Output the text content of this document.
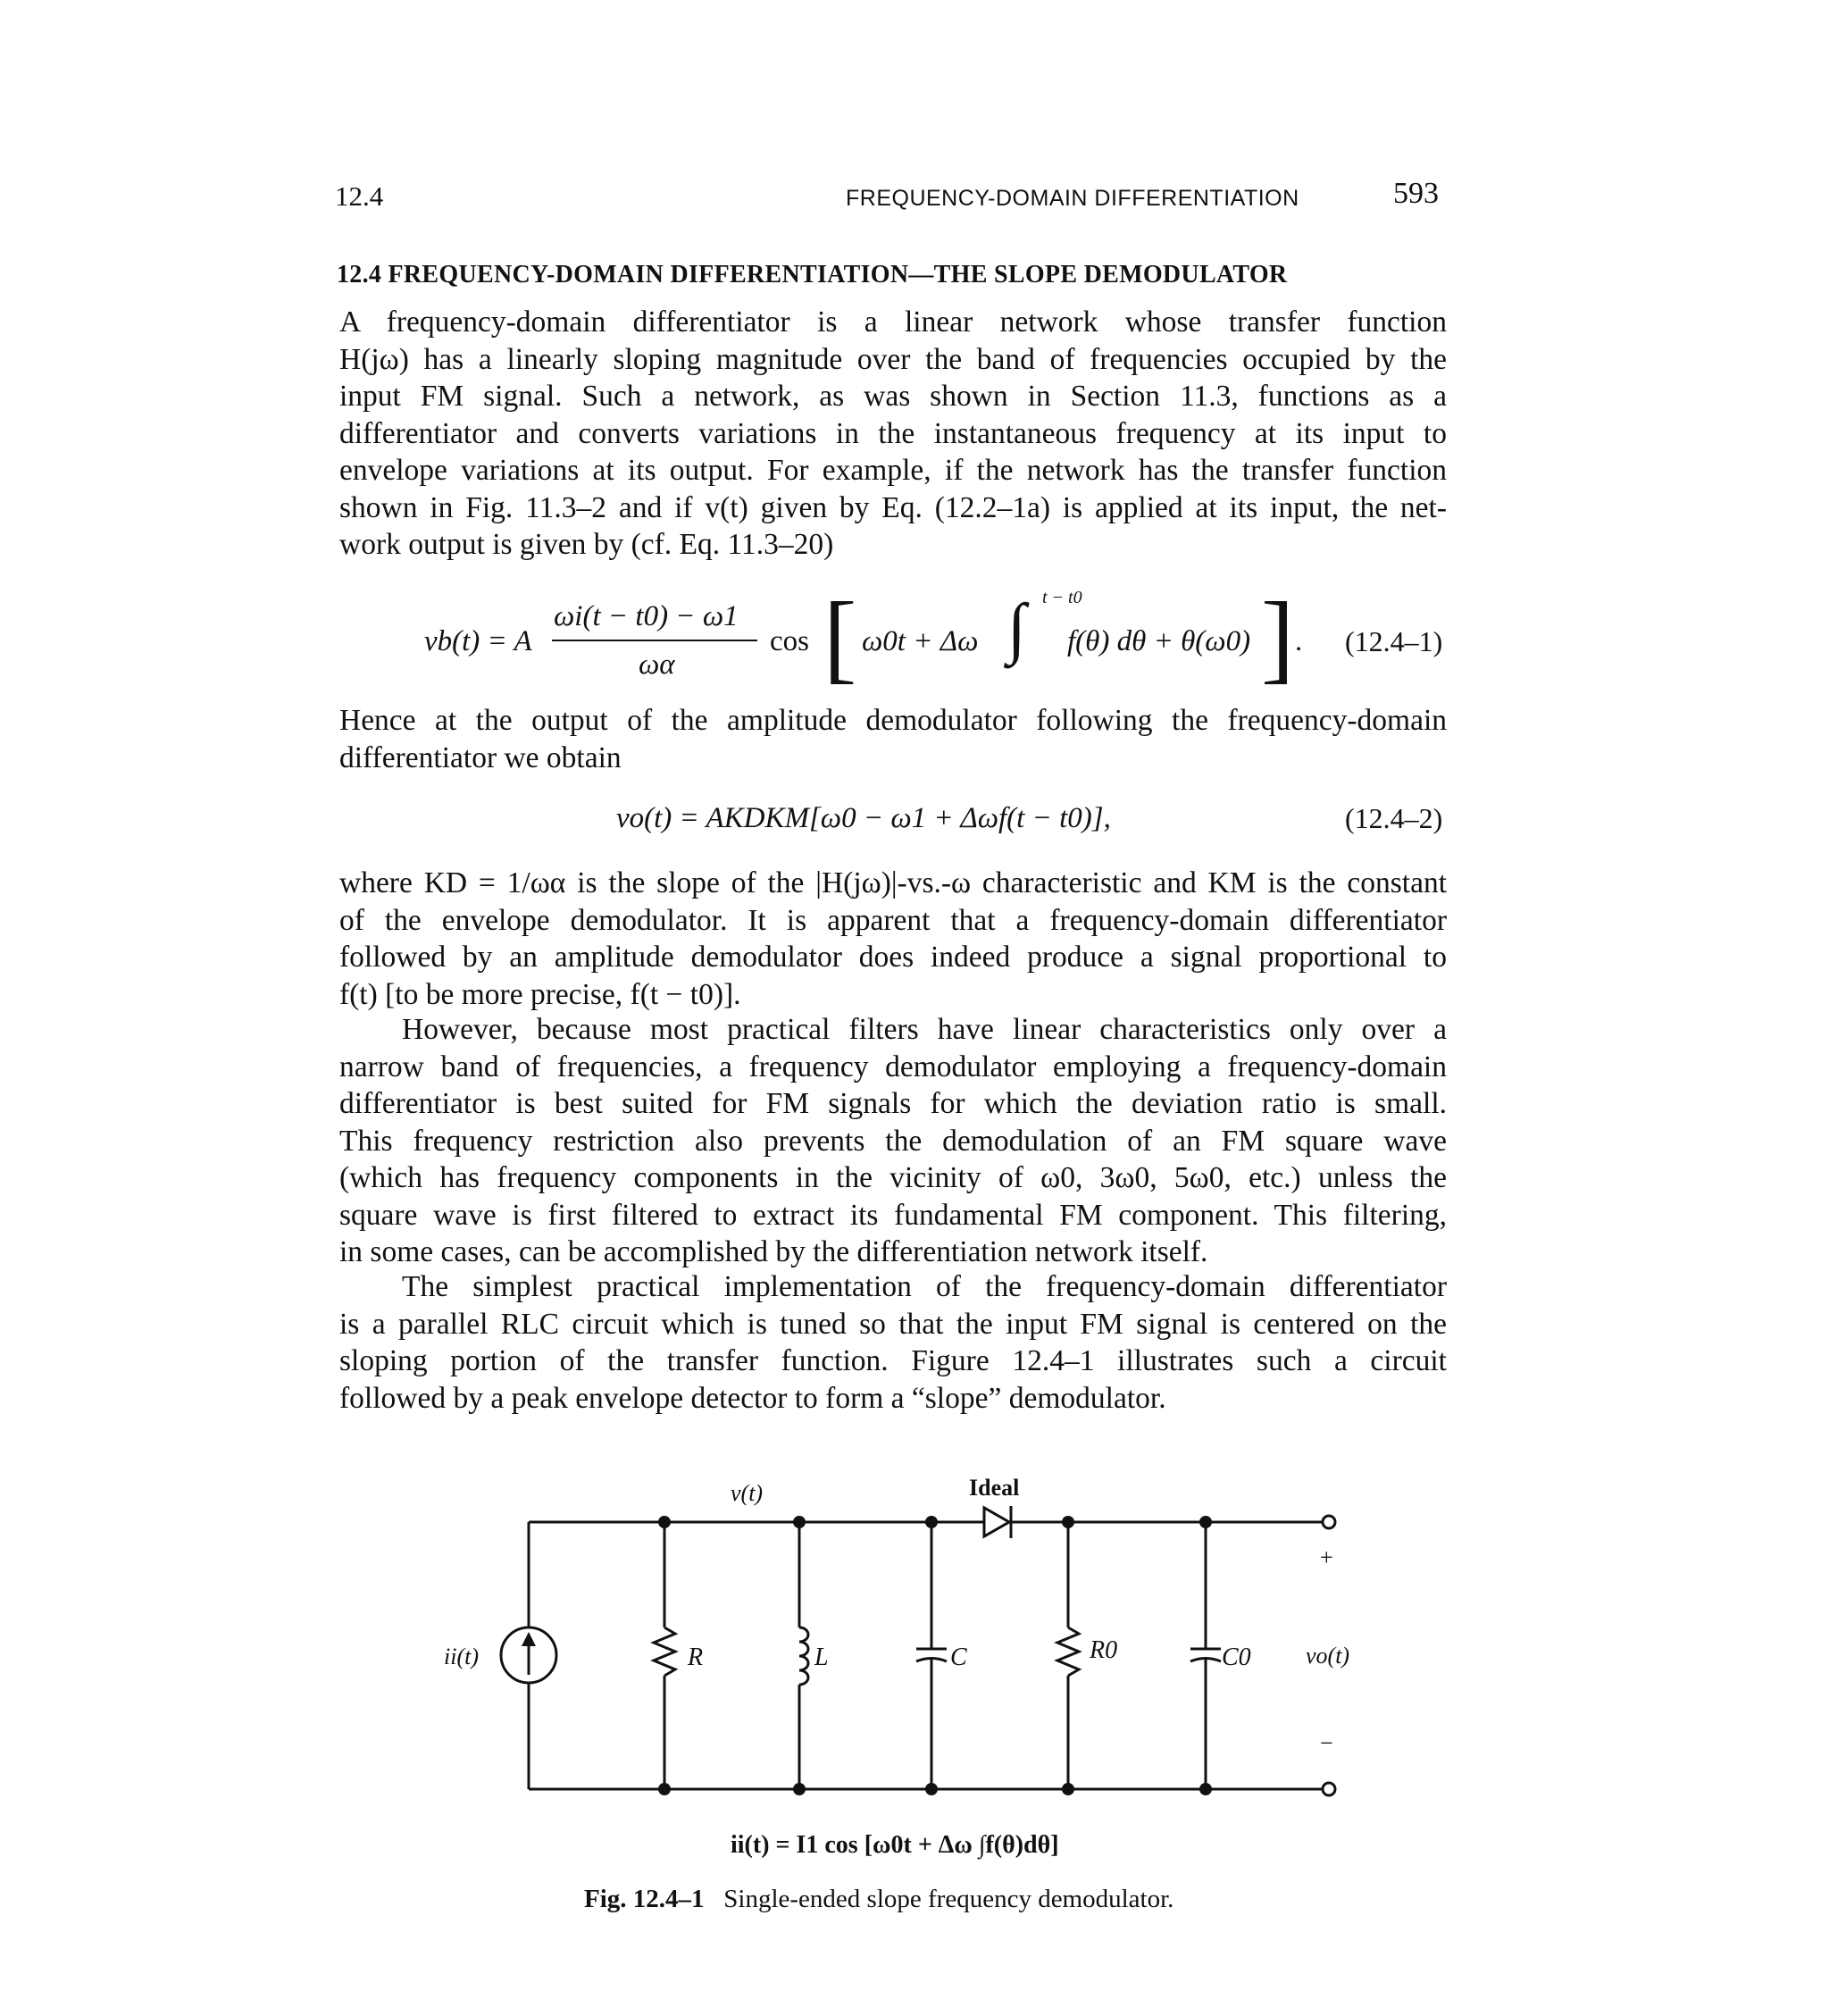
12.4	FREQUENCY-DOMAIN DIFFERENTIATION	593
12.4 FREQUENCY-DOMAIN DIFFERENTIATION—THE SLOPE DEMODULATOR
A frequency-domain differentiator is a linear network whose transfer function
H(jω) has a linearly sloping magnitude over the band of frequencies occupied by the
input FM signal. Such a network, as was shown in Section 11.3, functions as a
differentiator and converts variations in the instantaneous frequency at its input to
envelope variations at its output. For example, if the network has the transfer function
shown in Fig. 11.3–2 and if v(t) given by Eq. (12.2–1a) is applied at its input, the net-
work output is given by (cf. Eq. 11.3–20)
vb(t) = A
ωi(t − t0) − ω1
ωα
cos [ ω0t + Δω ∫ t − t0
f(θ) dθ + θ(ω0) ] . (12.4–1)
Hence at the output of the amplitude demodulator following the frequency-domain
differentiator we obtain
vo(t) = AKDKM[ω0 − ω1 + Δωf(t − t0)],	(12.4–2)
where KD = 1/ωα is the slope of the |H(jω)|-vs.-ω characteristic and KM is the constant
of the envelope demodulator. It is apparent that a frequency-domain differentiator
followed by an amplitude demodulator does indeed produce a signal proportional to
f(t) [to be more precise, f(t − t0)].
However, because most practical filters have linear characteristics only over a
narrow band of frequencies, a frequency demodulator employing a frequency-domain
differentiator is best suited for FM signals for which the deviation ratio is small.
This frequency restriction also prevents the demodulation of an FM square wave
(which has frequency components in the vicinity of ω0, 3ω0, 5ω0, etc.) unless the
square wave is first filtered to extract its fundamental FM component. This filtering,
in some cases, can be accomplished by the differentiation network itself.
The simplest practical implementation of the frequency-domain differentiator
is a parallel RLC circuit which is tuned so that the input FM signal is centered on the
sloping portion of the transfer function. Figure 12.4–1 illustrates such a circuit
followed by a peak envelope detector to form a “slope” demodulator.
v(t)	Ideal
+
−
ii(t)	R	L	C	R0	C0 vo(t)
ii(t) = I1 cos [ω0t + Δω ∫f(θ)dθ]
Fig. 12.4–1 Single-ended slope frequency demodulator.
